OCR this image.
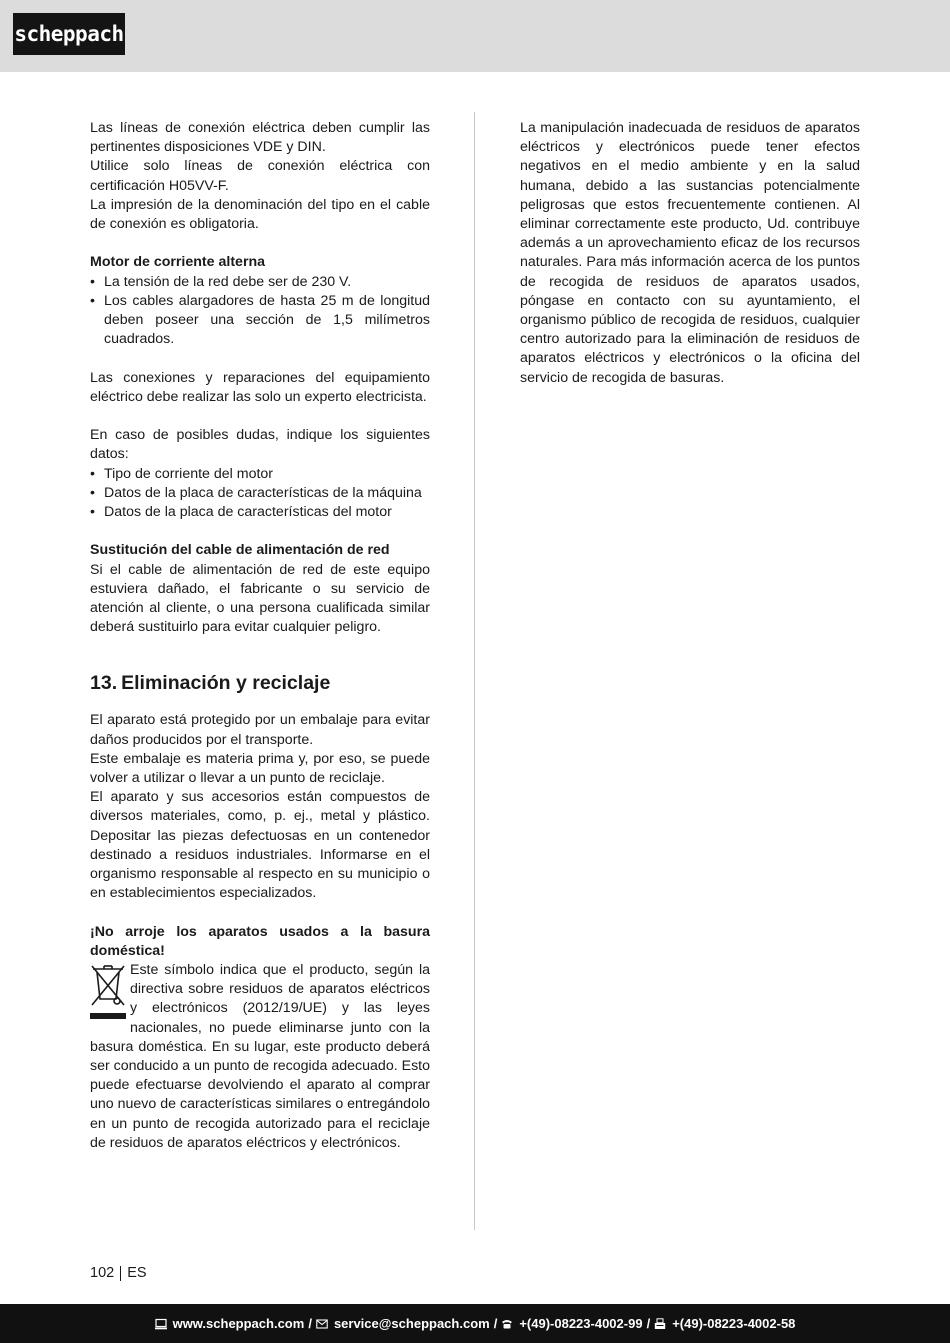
scheppach

Las líneas de conexión eléctrica deben cumplir las pertinentes disposiciones VDE y DIN.

Utilice solo líneas de conexión eléctrica con certificación H05VV-F.

La impresión de la denominación del tipo en el cable de conexión es obligatoria.

Motor de corriente alterna

• La tensión de la red debe ser de 230 V.
• Los cables alargadores de hasta 25 m de longitud deben poseer una sección de 1,5 milímetros cuadrados.

Las conexiones y reparaciones del equipamiento eléctrico debe realizar las solo un experto electricista.

En caso de posibles dudas, indique los siguientes datos:

• Tipo de corriente del motor
• Datos de la placa de características de la máquina
• Datos de la placa de características del motor

Sustitución del cable de alimentación de red

Si el cable de alimentación de red de este equipo estuviera dañado, el fabricante o su servicio de atención al cliente, o una persona cualificada similar deberá sustituirlo para evitar cualquier peligro.

13. Eliminación y reciclaje

El aparato está protegido por un embalaje para evitar daños producidos por el transporte.

Este embalaje es materia prima y, por eso, se puede volver a utilizar o llevar a un punto de reciclaje.

El aparato y sus accesorios están compuestos de diversos materiales, como, p. ej., metal y plástico. Depositar las piezas defectuosas en un contenedor destinado a residuos industriales. Informarse en el organismo responsable al respecto en su municipio o en establecimientos especializados.

¡No arroje los aparatos usados a la basura doméstica!

Este símbolo indica que el producto, según la directiva sobre residuos de aparatos eléctricos y electrónicos (2012/19/UE) y las leyes nacionales, no puede eliminarse junto con la basura doméstica. En su lugar, este producto deberá ser conducido a un punto de recogida adecuado. Esto puede efectuarse devolviendo el aparato al comprar uno nuevo de características similares o entregándolo en un punto de recogida autorizado para el reciclaje de residuos de aparatos eléctricos y electrónicos.

La manipulación inadecuada de residuos de aparatos eléctricos y electrónicos puede tener efectos negativos en el medio ambiente y en la salud humana, debido a las sustancias potencialmente peligrosas que estos frecuentemente contienen. Al eliminar correctamente este producto, Ud. contribuye además a un aprovechamiento eficaz de los recursos naturales. Para más información acerca de los puntos de recogida de residuos de aparatos usados, póngase en contacto con su ayuntamiento, el organismo público de recogida de residuos, cualquier centro autorizado para la eliminación de residuos de aparatos eléctricos y electrónicos o la oficina del servicio de recogida de basuras.

102 ES
www.scheppach.com / service@scheppach.com / +(49)-08223-4002-99 / +(49)-08223-4002-58
